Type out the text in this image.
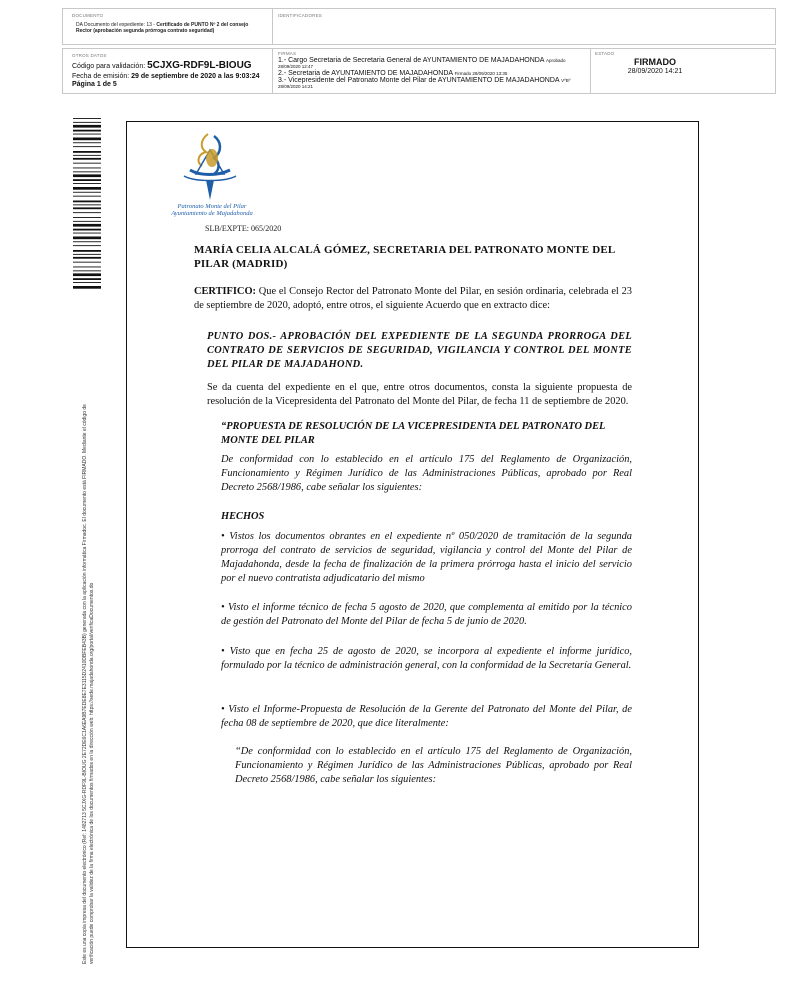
DOCUMENTO
DA Documento del expediente: 13 - Certificado de PUNTO Nº 2 del consejo Rector (aprobación segunda prórroga contrato seguridad)
IDENTIFICADORES
OTROS DATOS
Código para validación: 5CJXG-RDF9L-BIOUG
Fecha de emisión: 29 de septiembre de 2020 a las 9:03:24
Página 1 de 5
FIRMAS
1.- Cargo Secretaria de Secretaria General de AYUNTAMIENTO DE MAJADAHONDA Aprobado
28/09/2020 12:47
2.- Secretaria de AYUNTAMIENTO DE MAJADAHONDA Firmado 28/09/2020 13:35
3.- Vicepresidente del Patronato Monte del Pilar de AYUNTAMIENTO DE MAJADAHONDA VºBº
28/09/2020 14:21
ESTADO
FIRMADO
28/09/2020 14:21
Este es una copia impresa del documento electrónico (Ref: 1482713 5CJXG-RDF9L-BIOUG 2E72DE6C1A6EA9B7EDE8E7E3115D2410DBFEB43B) generada con la aplicación informática Firmadoc. El documento está FIRMADO. Mediante el código de verificación puede comprobar la validez de la firma electrónica de los documentos firmados en la dirección web: https://sede.majadahonda.org/portal/verificaDocumentos.do
Patronato Monte del Pilar
Ayuntamiento de Majadahonda
SLB/EXPTE: 065/2020
MARÍA CELIA ALCALÁ GÓMEZ, SECRETARIA DEL PATRONATO MONTE DEL PILAR (MADRID)
CERTIFICO: Que el Consejo Rector del Patronato Monte del Pilar, en sesión ordinaria, celebrada el 23 de septiembre de 2020, adoptó, entre otros, el siguiente Acuerdo que en extracto dice:
PUNTO DOS.- APROBACIÓN DEL EXPEDIENTE DE LA SEGUNDA PRORROGA DEL CONTRATO DE SERVICIOS DE SEGURIDAD, VIGILANCIA Y CONTROL DEL MONTE DEL PILAR DE MAJADAHOND.
Se da cuenta del expediente en el que, entre otros documentos, consta la siguiente propuesta de resolución de la Vicepresidenta del Patronato del Monte del Pilar, de fecha 11 de septiembre de 2020.
“PROPUESTA DE RESOLUCIÓN DE LA VICEPRESIDENTA DEL PATRONATO DEL MONTE DEL PILAR
De conformidad con lo establecido en el artículo 175 del Reglamento de Organización, Funcionamiento y Régimen Jurídico de las Administraciones Públicas, aprobado por Real Decreto 2568/1986, cabe señalar los siguientes:
HECHOS
• Vistos los documentos obrantes en el expediente nº 050/2020 de tramitación de la segunda prorroga del contrato de servicios de seguridad, vigilancia y control del Monte del Pilar de Majadahonda, desde la fecha de finalización de la primera prórroga hasta el inicio del servicio por el nuevo contratista adjudicatario del mismo
• Visto el informe técnico de fecha 5 agosto de 2020, que complementa al emitido por la técnico de gestión del Patronato del Monte del Pilar de fecha 5 de junio de 2020.
• Visto que en fecha 25 de agosto de 2020, se incorpora al expediente el informe jurídico, formulado por la técnico de administración general, con la conformidad de la Secretaría General.
• Visto el Informe-Propuesta de Resolución de la Gerente del Patronato del Monte del Pilar, de fecha 08 de septiembre de 2020, que dice literalmente:
“De conformidad con lo establecido en el artículo 175 del Reglamento de Organización, Funcionamiento y Régimen Jurídico de las Administraciones Públicas, aprobado por Real Decreto 2568/1986, cabe señalar los siguientes:
